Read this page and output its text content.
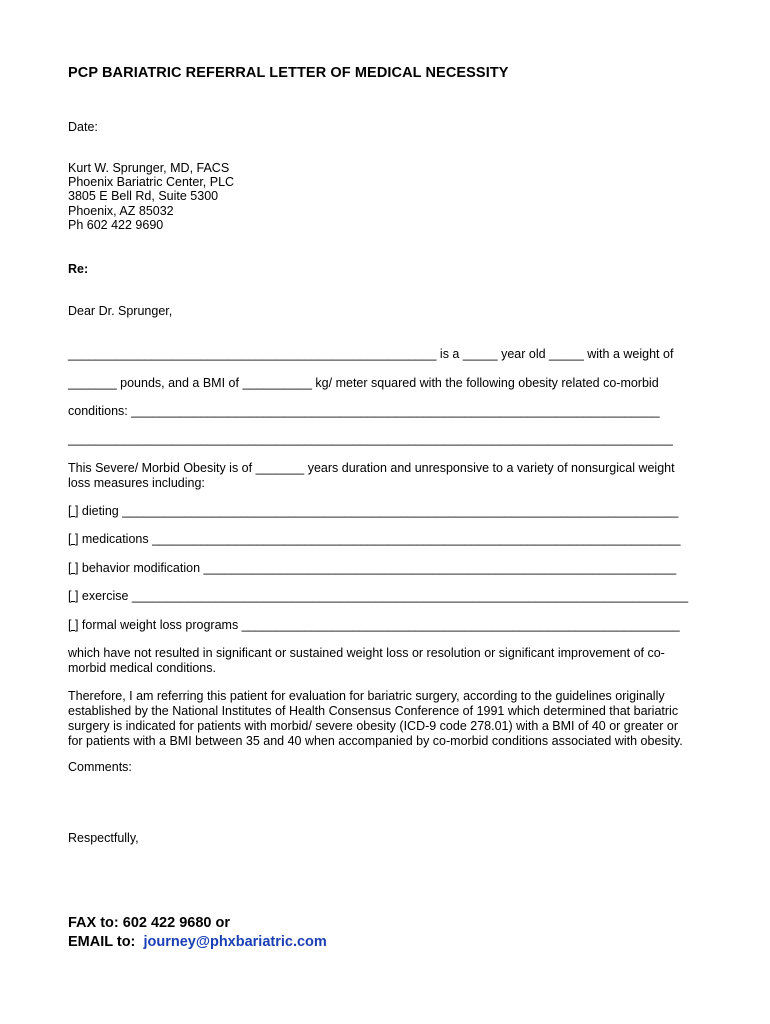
PCP BARIATRIC REFERRAL LETTER OF MEDICAL NECESSITY
Date:
Kurt W. Sprunger, MD, FACS
Phoenix Bariatric Center, PLC
3805 E Bell Rd, Suite 5300
Phoenix, AZ 85032
Ph 602 422 9690
Re:
Dear Dr. Sprunger,
_____________________________________________________ is a _____ year old _____ with a weight of
_______ pounds, and a BMI of __________ kg/ meter squared with the following obesity related co-morbid
conditions: ____________________________________________________________________________
_______________________________________________________________________________________
This Severe/ Morbid Obesity is of _______ years duration and unresponsive to a variety of nonsurgical weight loss measures including:
[ ] dieting ________________________________________________________________________________
[ ] medications ____________________________________________________________________________
[ ] behavior modification ____________________________________________________________________
[ ] exercise ________________________________________________________________________________
[ ] formal weight loss programs _______________________________________________________________
which have not resulted in significant or sustained weight loss or resolution or significant improvement of co-morbid medical conditions.
Therefore, I am referring this patient for evaluation for bariatric surgery, according to the guidelines originally established by the National Institutes of Health Consensus Conference of 1991 which determined that bariatric surgery is indicated for patients with morbid/ severe obesity (ICD-9 code 278.01) with a BMI of 40 or greater or for patients with a BMI between 35 and 40 when accompanied by co-morbid conditions associated with obesity.
Comments:
Respectfully,
FAX to: 602 422 9680 or
EMAIL to:  journey@phxbariatric.com
